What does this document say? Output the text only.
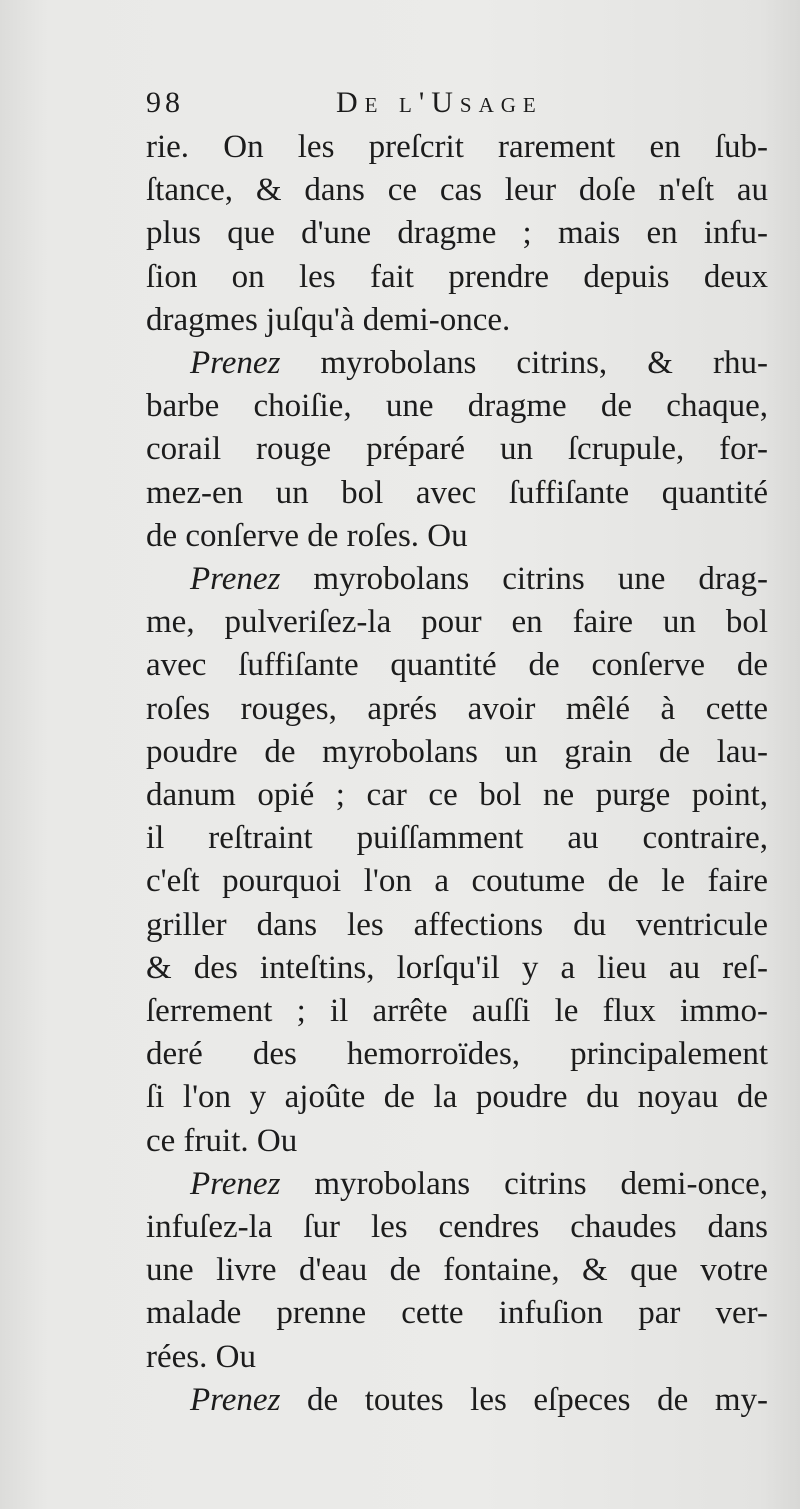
98	De l'Usage
rie. On les preſcrit rarement en ſub-
ſtance, & dans ce cas leur doſe n'eſt au
plus que d'une dragme ; mais en infu-
ſion on les fait prendre depuis deux
dragmes juſqu'à demi-once.
Prenez myrobolans citrins, & rhu-
barbe choiſie, une dragme de chaque,
corail rouge préparé un ſcrupule, for-
mez-en un bol avec ſuffiſante quantité
de conſerve de roſes. Ou
Prenez myrobolans citrins une drag-
me, pulveriſez-la pour en faire un bol
avec ſuffiſante quantité de conſerve de
roſes rouges, aprés avoir mêlé à cette
poudre de myrobolans un grain de lau-
danum opié ; car ce bol ne purge point,
il reſtraint puiſſamment au contraire,
c'eſt pourquoi l'on a coutume de le faire
griller dans les affections du ventricule
& des inteſtins, lorſqu'il y a lieu au reſ-
ſerrement ; il arrête auſſi le flux immo-
deré des hemorroïdes, principalement
ſi l'on y ajoûte de la poudre du noyau de
ce fruit. Ou
Prenez myrobolans citrins demi-once,
infuſez-la ſur les cendres chaudes dans
une livre d'eau de fontaine, & que votre
malade prenne cette infuſion par ver-
rées. Ou
Prenez de toutes les eſpeces de my-
